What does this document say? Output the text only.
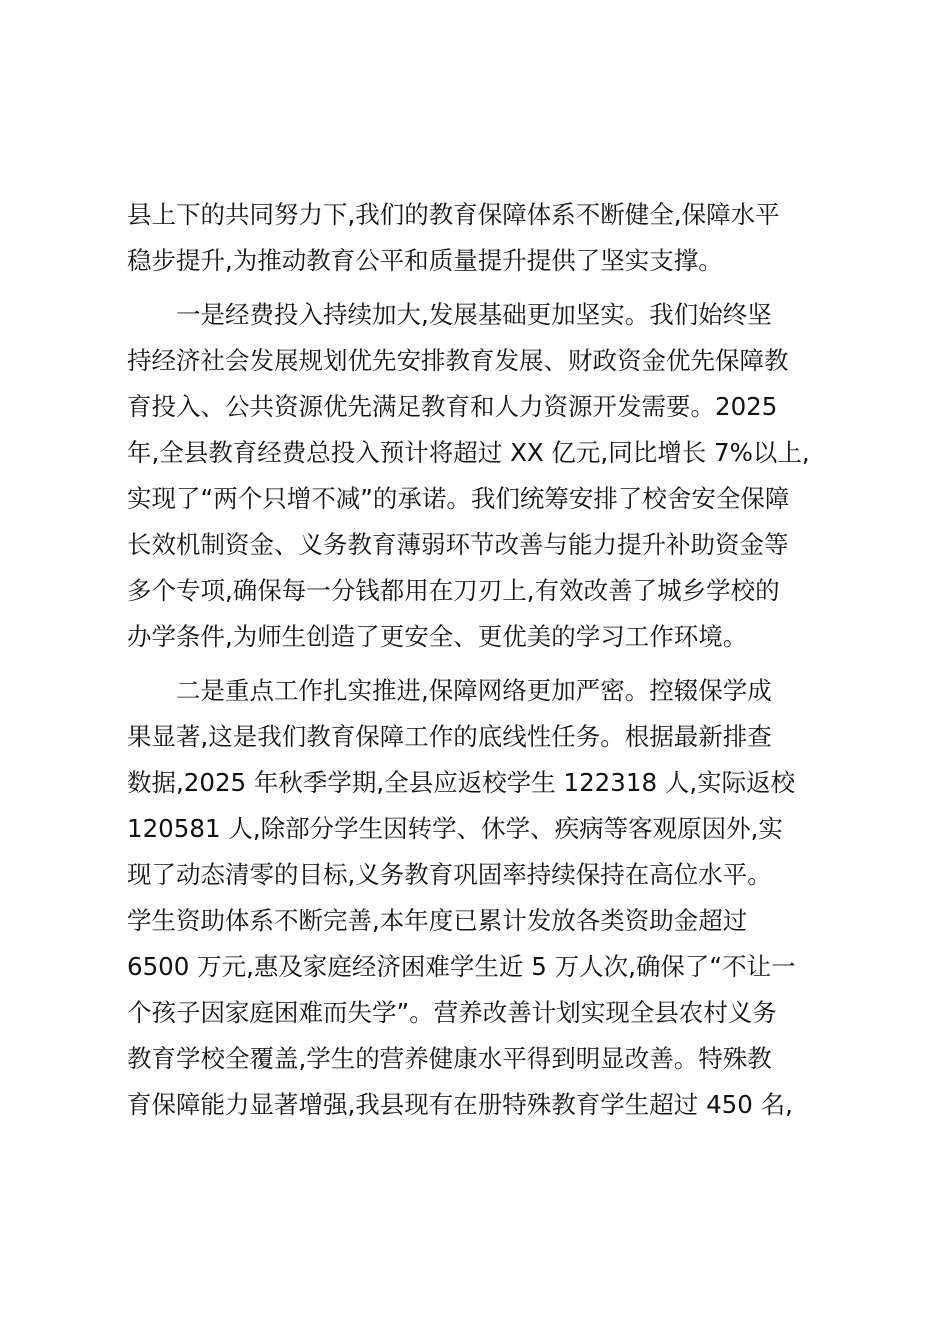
县上下的共同努力下,我们的教育保障体系不断健全,保障水平
稳步提升,为推动教育公平和质量提升提供了坚实支撑。

一是经费投入持续加大,发展基础更加坚实。我们始终坚
持经济社会发展规划优先安排教育发展、财政资金优先保障教
育投入、公共资源优先满足教育和人力资源开发需要。2025
年,全县教育经费总投入预计将超过 XX 亿元,同比增长 7%以上,
实现了“两个只增不减”的承诺。我们统筹安排了校舍安全保障
长效机制资金、义务教育薄弱环节改善与能力提升补助资金等
多个专项,确保每一分钱都用在刀刃上,有效改善了城乡学校的
办学条件,为师生创造了更安全、更优美的学习工作环境。

二是重点工作扎实推进,保障网络更加严密。控辍保学成
果显著,这是我们教育保障工作的底线性任务。根据最新排查
数据,2025 年秋季学期,全县应返校学生 122318 人,实际返校
120581 人,除部分学生因转学、休学、疾病等客观原因外,实
现了动态清零的目标,义务教育巩固率持续保持在高位水平。
学生资助体系不断完善,本年度已累计发放各类资助金超过
6500 万元,惠及家庭经济困难学生近 5 万人次,确保了“不让一
个孩子因家庭困难而失学”。营养改善计划实现全县农村义务
教育学校全覆盖,学生的营养健康水平得到明显改善。特殊教
育保障能力显著增强,我县现有在册特殊教育学生超过 450 名,
